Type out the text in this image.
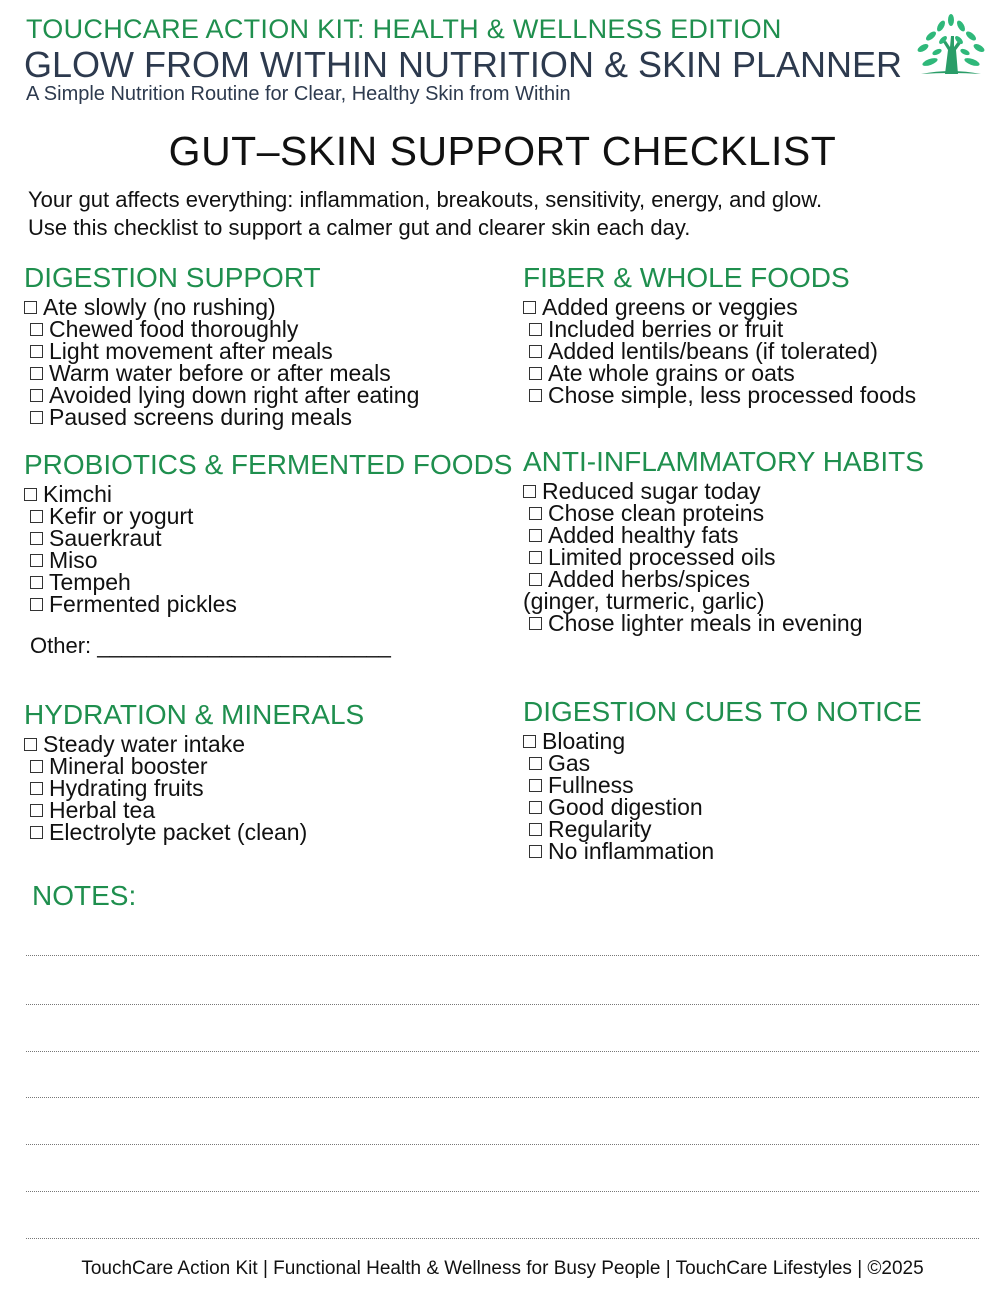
TOUCHCARE ACTION KIT: HEALTH & WELLNESS EDITION
GLOW FROM WITHIN NUTRITION & SKIN PLANNER
A Simple Nutrition Routine for Clear, Healthy Skin from Within
GUT–SKIN SUPPORT CHECKLIST

Your gut affects everything: inflammation, breakouts, sensitivity, energy, and glow.

Use this checklist to support a calmer gut and clearer skin each day.

DIGESTION SUPPORT
Ate slowly (no rushing)
Chewed food thoroughly
Light movement after meals
Warm water before or after meals
Avoided lying down right after eating
Paused screens during meals
FIBER & WHOLE FOODS
Added greens or veggies
Included berries or fruit
Added lentils/beans (if tolerated)
Ate whole grains or oats
Chose simple, less processed foods
PROBIOTICS & FERMENTED FOODS
Kimchi
Kefir or yogurt
Sauerkraut
Miso
Tempeh
Fermented pickles
Other: ________________________
ANTI-INFLAMMATORY HABITS
Reduced sugar today
Chose clean proteins
Added healthy fats
Limited processed oils
Added herbs/spices
(ginger, turmeric, garlic)
Chose lighter meals in evening
HYDRATION & MINERALS
Steady water intake
Mineral booster
Hydrating fruits
Herbal tea
Electrolyte packet (clean)
DIGESTION CUES TO NOTICE
Bloating
Gas
Fullness
Good digestion
Regularity
No inflammation
NOTES:
TouchCare Action Kit | Functional Health & Wellness for Busy People | TouchCare Lifestyles | ©2025
